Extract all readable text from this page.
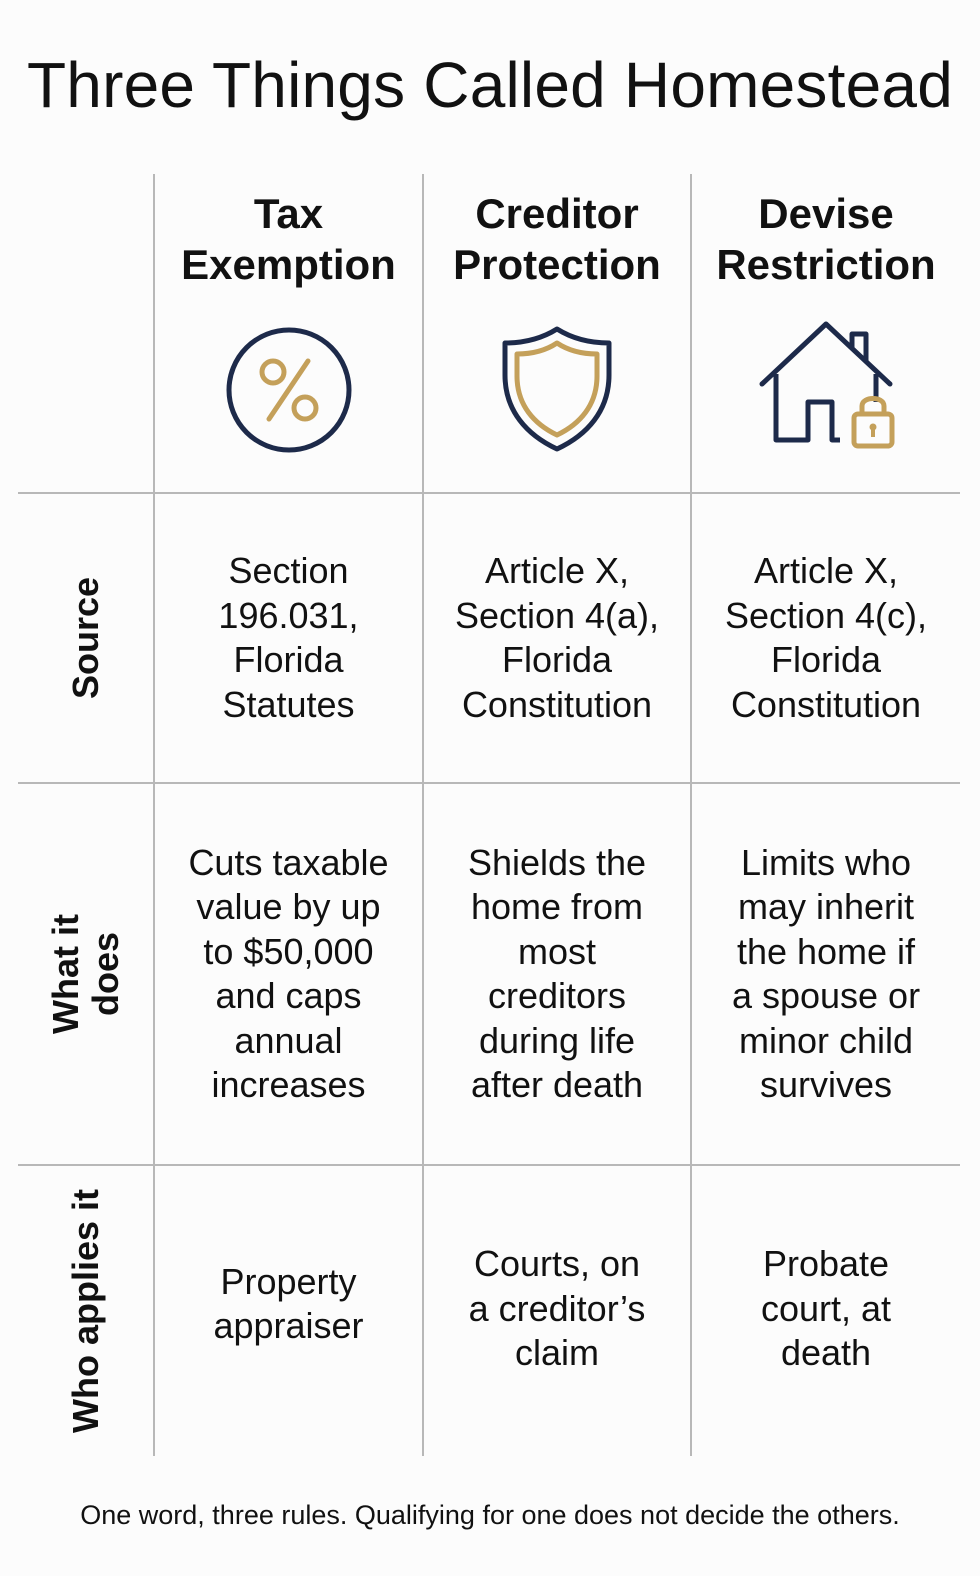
Three Things Called Homestead
Tax
Exemption
Creditor
Protection
Devise
Restriction
Source
What it
does
Who applies it
Section
196.031,
Florida
Statutes
Article X,
Section 4(a),
Florida
Constitution
Article X,
Section 4(c),
Florida
Constitution
Cuts taxable
value by up
to $50,000
and caps
annual
increases
Shields the
home from
most
creditors
during life
after death
Limits who
may inherit
the home if
a spouse or
minor child
survives
Property
appraiser
Courts, on
a creditor’s
claim
Probate
court, at
death
One word, three rules. Qualifying for one does not decide the others.
